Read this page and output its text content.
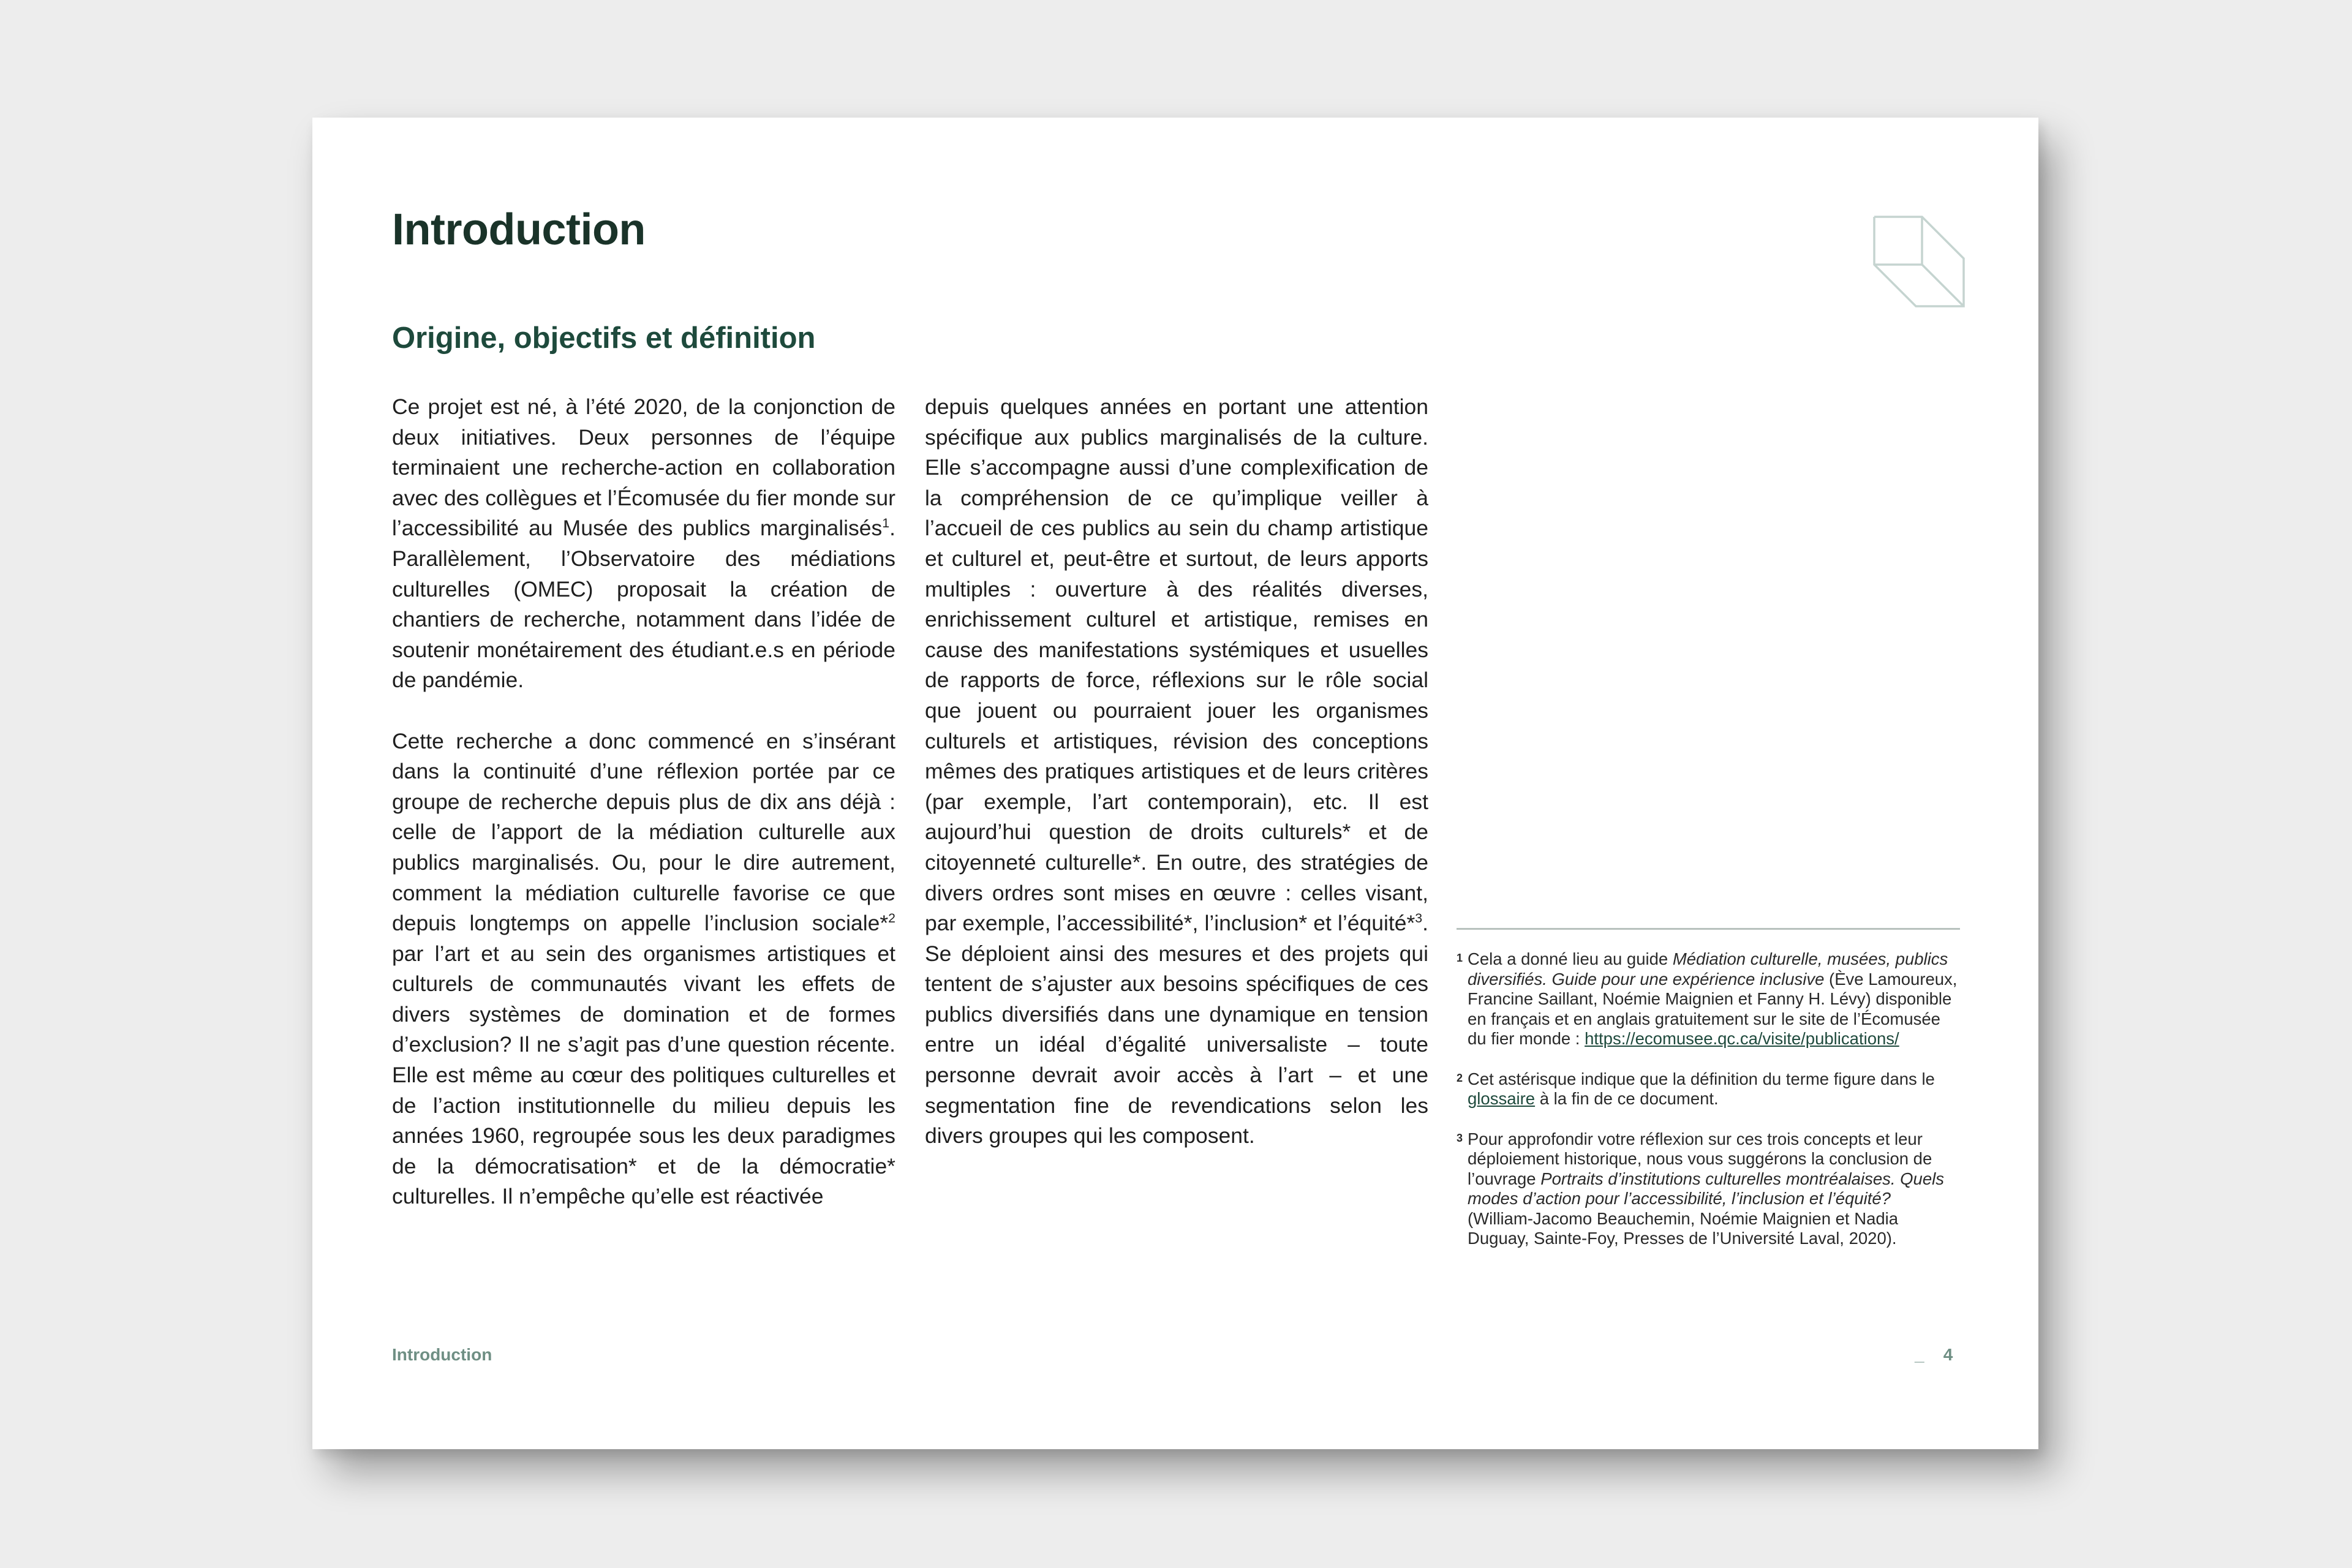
Introduction
Origine, objectifs et définition

Ce projet est né, à l’été 2020, de la conjonction de deux initiatives. Deux personnes de l’équipe terminaient une recherche-action en collaboration avec des collègues et l’Écomusée du fier monde sur l’accessibilité au Musée des publics marginalisés$^1$. Parallèlement, l’Observatoire des médiations culturelles (OMEC) proposait la création de chantiers de recherche, notamment dans l’idée de soutenir monétairement des étudiant.e.s en période de pandémie.

Cette recherche a donc commencé en s’insérant dans la continuité d’une réflexion portée par ce groupe de recherche depuis plus de dix ans déjà : celle de l’apport de la médiation culturelle aux publics marginalisés. Ou, pour le dire autrement, comment la médiation culturelle favorise ce que depuis longtemps on appelle l’inclusion sociale*$^2$ par l’art et au sein des organismes artistiques et culturels de communautés vivant les effets de divers systèmes de domination et de formes d’exclusion? Il ne s’agit pas d’une question récente. Elle est même au cœur des politiques culturelles et de l’action institutionnelle du milieu depuis les années 1960, regroupée sous les deux paradigmes de la démocratisation* et de la démocratie* culturelles. Il n’empêche qu’elle est réactivée

depuis quelques années en portant une attention spécifique aux publics marginalisés de la culture. Elle s’accompagne aussi d’une complexification de la compréhension de ce qu’implique veiller à l’accueil de ces publics au sein du champ artistique et culturel et, peut-être et surtout, de leurs apports multiples : ouverture à des réalités diverses, enrichissement culturel et artistique, remises en cause des manifestations systémiques et usuelles de rapports de force, réflexions sur le rôle social que jouent ou pourraient jouer les organismes culturels et artistiques, révision des conceptions mêmes des pratiques artistiques et de leurs critères (par exemple, l’art contemporain), etc. Il est aujourd’hui question de droits culturels* et de citoyenneté culturelle*. En outre, des stratégies de divers ordres sont mises en œuvre : celles visant, par exemple, l’accessibilité*, l’inclusion* et l’équité*$^3$. Se déploient ainsi des mesures et des projets qui tentent de s’ajuster aux besoins spécifiques de ces publics diversifiés dans une dynamique en tension entre un idéal d’égalité universaliste – toute personne devrait avoir accès à l’art – et une segmentation fine de revendications selon les divers groupes qui les composent.

1 Cela a donné lieu au guide Médiation culturelle, musées, publics diversifiés. Guide pour une expérience inclusive (Ève Lamoureux, Francine Saillant, Noémie Maignien et Fanny H. Lévy) disponible en français et en anglais gratuitement sur le site de l’Écomusée du fier monde : https://ecomusee.qc.ca/visite/publications/
2 Cet astérisque indique que la définition du terme figure dans le glossaire à la fin de ce document.
3 Pour approfondir votre réflexion sur ces trois concepts et leur déploiement historique, nous vous suggérons la conclusion de l’ouvrage Portraits d’institutions culturelles montréalaises. Quels modes d’action pour l’accessibilité, l’inclusion et l’équité? (William-Jacomo Beauchemin, Noémie Maignien et Nadia Duguay, Sainte-Foy, Presses de l’Université Laval, 2020).
Introduction	_ 4
